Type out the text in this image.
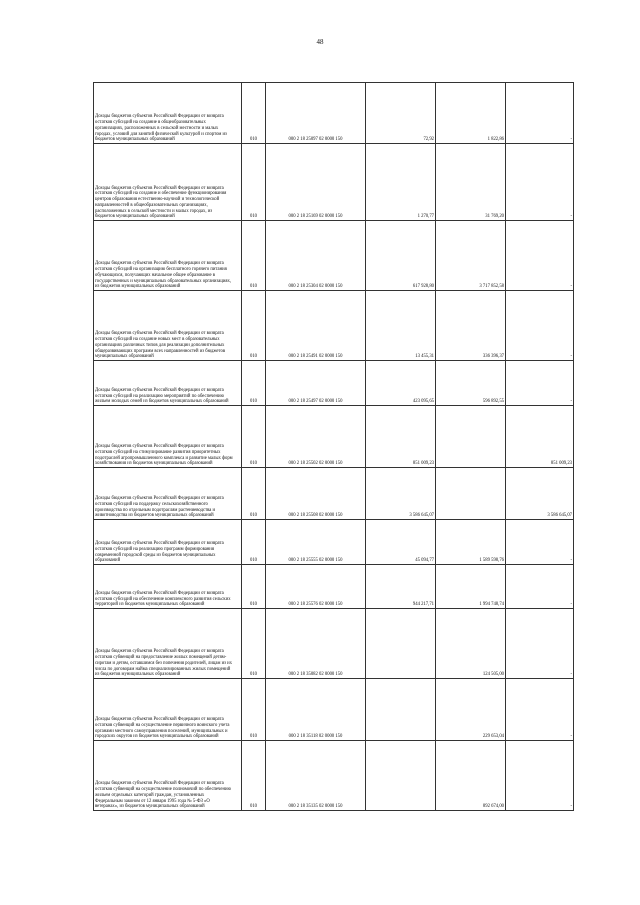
48
Доходы бюджетов субъектов Российской Федерации от возврата остатков субсидий на создание в общеобразовательных организациях, расположенных в сельской местности и малых городах, условий для занятий физической культурой и спортом из бюджетов муниципальных образований	010	000 2 18 25097 02 0000 150	72,92	1 822,86	-

Доходы бюджетов субъектов Российской Федерации от возврата остатков субсидий на создание и обеспечение функционирования центров образования естественно-научной и технологической направленностей в общеобразовательных организациях, расположенных в сельской местности и малых городах, из бюджетов муниципальных образований	010	000 2 18 25169 02 0000 150	1 270,77	31 769,20	-

Доходы бюджетов субъектов Российской Федерации от возврата остатков субсидий на организацию бесплатного горячего питания обучающихся, получающих начальное общее образование в государственных и муниципальных образовательных организациях, из бюджетов муниципальных образований	010	000 2 18 25304 02 0000 150	617 928,80	3 717 852,58	-

Доходы бюджетов субъектов Российской Федерации от возврата остатков субсидий на создание новых мест в образовательных организациях различных типов для реализации дополнительных общеразвивающих программ всех направленностей из бюджетов муниципальных образований	010	000 2 18 25491 02 0000 150	13 455,31	336 396,37	-

Доходы бюджетов субъектов Российской Федерации от возврата остатков субсидий на реализацию мероприятий по обеспечению жильем молодых семей из бюджетов муниципальных образований	010	000 2 18 25497 02 0000 150	423 095,65	596 892,55	-

Доходы бюджетов субъектов Российской Федерации от возврата остатков субсидий на стимулирование развития приоритетных подотраслей агропромышленного комплекса и развитие малых форм хозяйствования из бюджетов муниципальных образований	010	000 2 18 25502 02 0000 150	851 009,23		851 009,23

Доходы бюджетов субъектов Российской Федерации от возврата остатков субсидий на поддержку сельскохозяйственного производства по отдельным подотраслям растениеводства и животноводства из бюджетов муниципальных образований	010	000 2 18 25508 02 0000 150	3 586 645,07		3 586 645,07

Доходы бюджетов субъектов Российской Федерации от возврата остатков субсидий на реализацию программ формирования современной городской среды из бюджетов муниципальных образований	010	000 2 18 25555 02 0000 150	45 094,77	1 589 598,76	-

Доходы бюджетов субъектов Российской Федерации от возврата остатков субсидий на обеспечение комплексного развития сельских территорий из бюджетов муниципальных образований	010	000 2 18 25576 02 0000 150	944 217,71	1 994 748,74	-

Доходы бюджетов субъектов Российской Федерации от возврата остатков субвенций на предоставление жилых помещений детям-сиротам и детям, оставшимся без попечения родителей, лицам из их числа по договорам найма специализированных жилых помещений из бюджетов муниципальных образований	010	000 2 18 35082 02 0000 150		124 505,00	-

Доходы бюджетов субъектов Российской Федерации от возврата остатков субвенций на осуществление первичного воинского учета органами местного самоуправления поселений, муниципальных и городских округов из бюджетов муниципальных образований	010	000 2 18 35118 02 0000 150		229 653,04	-

Доходы бюджетов субъектов Российской Федерации от возврата остатков субвенций на осуществление полномочий по обеспечению жильем отдельных категорий граждан, установленных Федеральным законом от 12 января 1995 года № 5-ФЗ «О ветеранах», из бюджетов муниципальных образований	010	000 2 18 35135 02 0000 150		892 674,00	-
